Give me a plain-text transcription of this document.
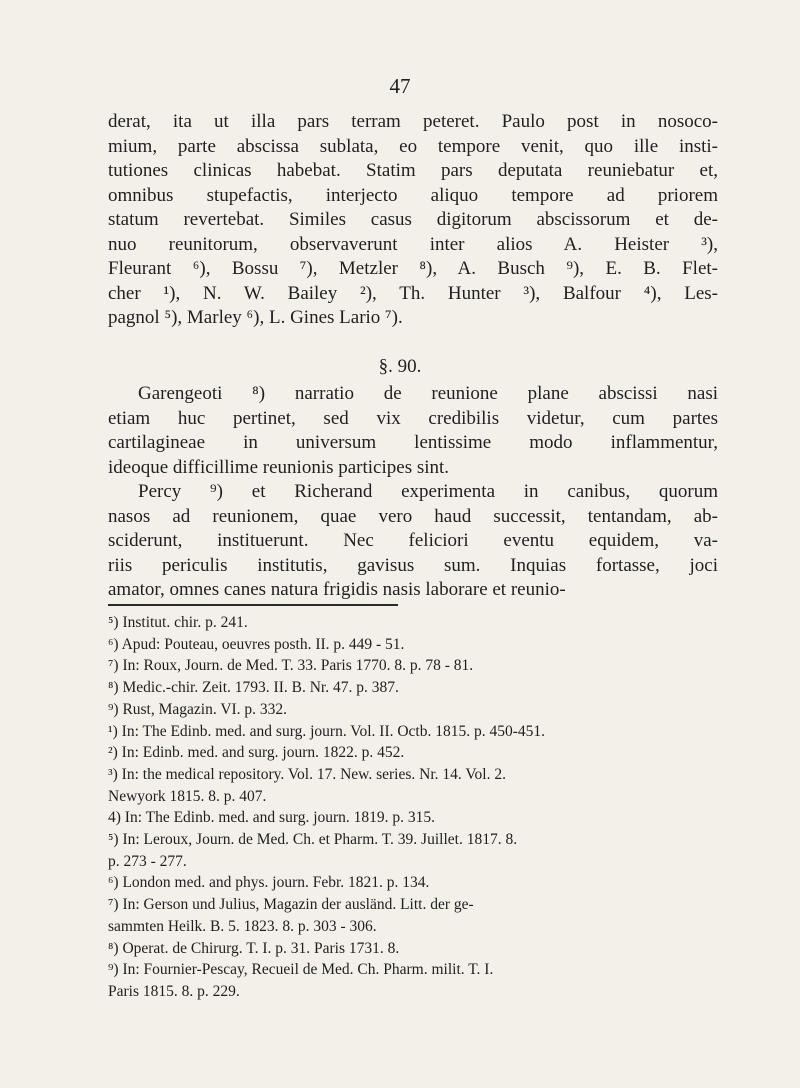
47
derat, ita ut illa pars terram peteret. Paulo post in nosoco-
mium, parte abscissa sublata, eo tempore venit, quo ille insti-
tutiones clinicas habebat. Statim pars deputata reuniebatur et,
omnibus stupefactis, interjecto aliquo tempore ad priorem
statum revertebat. Similes casus digitorum abscissorum et de-
nuo reunitorum, observaverunt inter alios A. Heister ³),
Fleurant ⁶), Bossu ⁷), Metzler ⁸), A. Busch ⁹), E. B. Flet-
cher ¹), N. W. Bailey ²), Th. Hunter ³), Balfour ⁴), Les-
pagnol ⁵), Marley ⁶), L. Gines Lario ⁷).
§. 90.
Garengeoti ⁸) narratio de reunione plane abscissi nasi
etiam huc pertinet, sed vix credibilis videtur, cum partes
cartilagineae in universum lentissime modo inflammentur,
ideoque difficillime reunionis participes sint.
Percy ⁹) et Richerand experimenta in canibus, quorum
nasos ad reunionem, quae vero haud successit, tentandam, ab-
sciderunt, instituerunt. Nec feliciori eventu equidem, va-
riis periculis institutis, gavisus sum. Inquias fortasse, joci
amator, omnes canes natura frigidis nasis laborare et reunio-
⁵) Institut. chir. p. 241.
⁶) Apud: Pouteau, oeuvres posth. II. p. 449 - 51.
⁷) In: Roux, Journ. de Med. T. 33. Paris 1770. 8. p. 78 - 81.
⁸) Medic.-chir. Zeit. 1793. II. B. Nr. 47. p. 387.
⁹) Rust, Magazin. VI. p. 332.
¹) In: The Edinb. med. and surg. journ. Vol. II. Octb. 1815. p. 450-451.
²) In: Edinb. med. and surg. journ. 1822. p. 452.
³) In: the medical repository. Vol. 17. New. series. Nr. 14. Vol. 2.
Newyork 1815. 8. p. 407.
4) In: The Edinb. med. and surg. journ. 1819. p. 315.
⁵) In: Leroux, Journ. de Med. Ch. et Pharm. T. 39. Juillet. 1817. 8.
p. 273 - 277.
⁶) London med. and phys. journ. Febr. 1821. p. 134.
⁷) In: Gerson und Julius, Magazin der ausländ. Litt. der ge-
sammten Heilk. B. 5. 1823. 8. p. 303 - 306.
⁸) Operat. de Chirurg. T. I. p. 31. Paris 1731. 8.
⁹) In: Fournier-Pescay, Recueil de Med. Ch. Pharm. milit. T. I.
Paris 1815. 8. p. 229.
